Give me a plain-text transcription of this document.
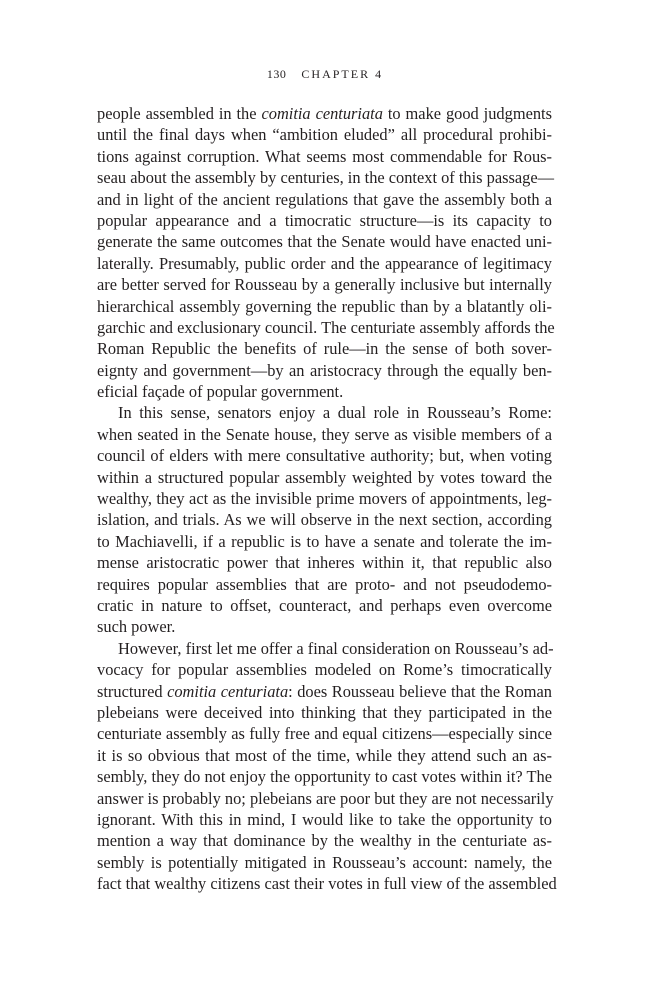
130 CHAPTER 4
people assembled in the comitia centuriata to make good judgments
until the final days when “ambition eluded” all procedural prohibi-
tions against corruption. What seems most commendable for Rous-
seau about the assembly by centuries, in the context of this passage—
and in light of the ancient regulations that gave the assembly both a
popular appearance and a timocratic structure—is its capacity to
generate the same outcomes that the Senate would have enacted uni-
laterally. Presumably, public order and the appearance of legitimacy
are better served for Rousseau by a generally inclusive but internally
hierarchical assembly governing the republic than by a blatantly oli-
garchic and exclusionary council. The centuriate assembly affords the
Roman Republic the benefits of rule—in the sense of both sover-
eignty and government—by an aristocracy through the equally ben-
eficial façade of popular government.
In this sense, senators enjoy a dual role in Rousseau’s Rome:
when seated in the Senate house, they serve as visible members of a
council of elders with mere consultative authority; but, when voting
within a structured popular assembly weighted by votes toward the
wealthy, they act as the invisible prime movers of appointments, leg-
islation, and trials. As we will observe in the next section, according
to Machiavelli, if a republic is to have a senate and tolerate the im-
mense aristocratic power that inheres within it, that republic also
requires popular assemblies that are proto- and not pseudodemo-
cratic in nature to offset, counteract, and perhaps even overcome
such power.
However, first let me offer a final consideration on Rousseau’s ad-
vocacy for popular assemblies modeled on Rome’s timocratically
structured comitia centuriata: does Rousseau believe that the Roman
plebeians were deceived into thinking that they participated in the
centuriate assembly as fully free and equal citizens—especially since
it is so obvious that most of the time, while they attend such an as-
sembly, they do not enjoy the opportunity to cast votes within it? The
answer is probably no; plebeians are poor but they are not necessarily
ignorant. With this in mind, I would like to take the opportunity to
mention a way that dominance by the wealthy in the centuriate as-
sembly is potentially mitigated in Rousseau’s account: namely, the
fact that wealthy citizens cast their votes in full view of the assembled
